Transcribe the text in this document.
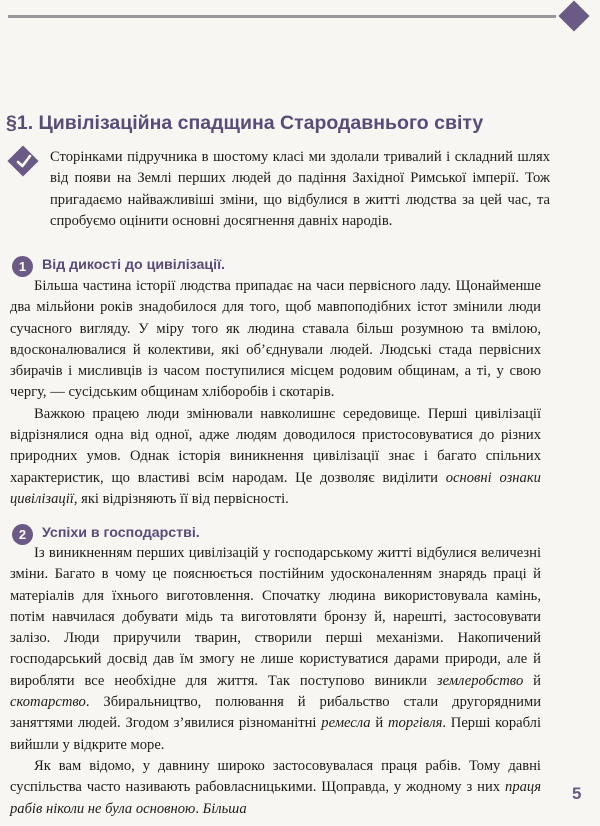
§1. Цивілізаційна спадщина Стародавнього світу

Сторінками підручника в шостому класі ми здолали тривалий і складний шлях від появи на Землі перших людей до падіння Західної Римської імперії. Тож пригадаємо найважливіші зміни, що відбулися в житті людства за цей час, та спробуємо оцінити основні досягнення давніх народів.

1	Від дикості до цивілізації.
Більша частина історії людства припадає на часи первісного ладу. Щонайменше два мільйони років знадобилося для того, щоб мавпоподібних істот змінили люди сучасного вигляду. У міру того як людина ставала більш розумною та вмілою, вдосконалювалися й колективи, які об’єднували людей. Людські стада первісних збирачів і мисливців із часом поступилися місцем родовим общинам, а ті, у свою чергу, — сусідським общинам хліборобів і скотарів.
Важкою працею люди змінювали навколишнє середовище. Перші цивілізації відрізнялися одна від одної, адже людям доводилося пристосовуватися до різних природних умов. Однак історія виникнення цивілізації знає і багато спільних характеристик, що властиві всім народам. Це дозволяє виділити основні ознаки цивілізації, які відрізняють її від первісності.
2	Успіхи в господарстві.
Із виникненням перших цивілізацій у господарському житті відбулися величезні зміни. Багато в чому це пояснюється постійним удосконаленням знарядь праці й матеріалів для їхнього виготовлення. Спочатку людина використовувала камінь, потім навчилася добувати мідь та виготовляти бронзу й, нарешті, застосовувати залізо. Люди приручили тварин, створили перші механізми. Накопичений господарський досвід дав їм змогу не лише користуватися дарами природи, але й виробляти все необхідне для життя. Так поступово виникли землеробство й скотарство. Збиральництво, полювання й рибальство стали другорядними заняттями людей. Згодом з’явилися різноманітні ремесла й торгівля. Перші кораблі вийшли у відкрите море.
Як вам відомо, у давнину широко застосовувалася праця рабів. Тому давні суспільства часто називають рабовласницькими. Щоправда, у жодному з них праця рабів ніколи не була основною. Більша
5
